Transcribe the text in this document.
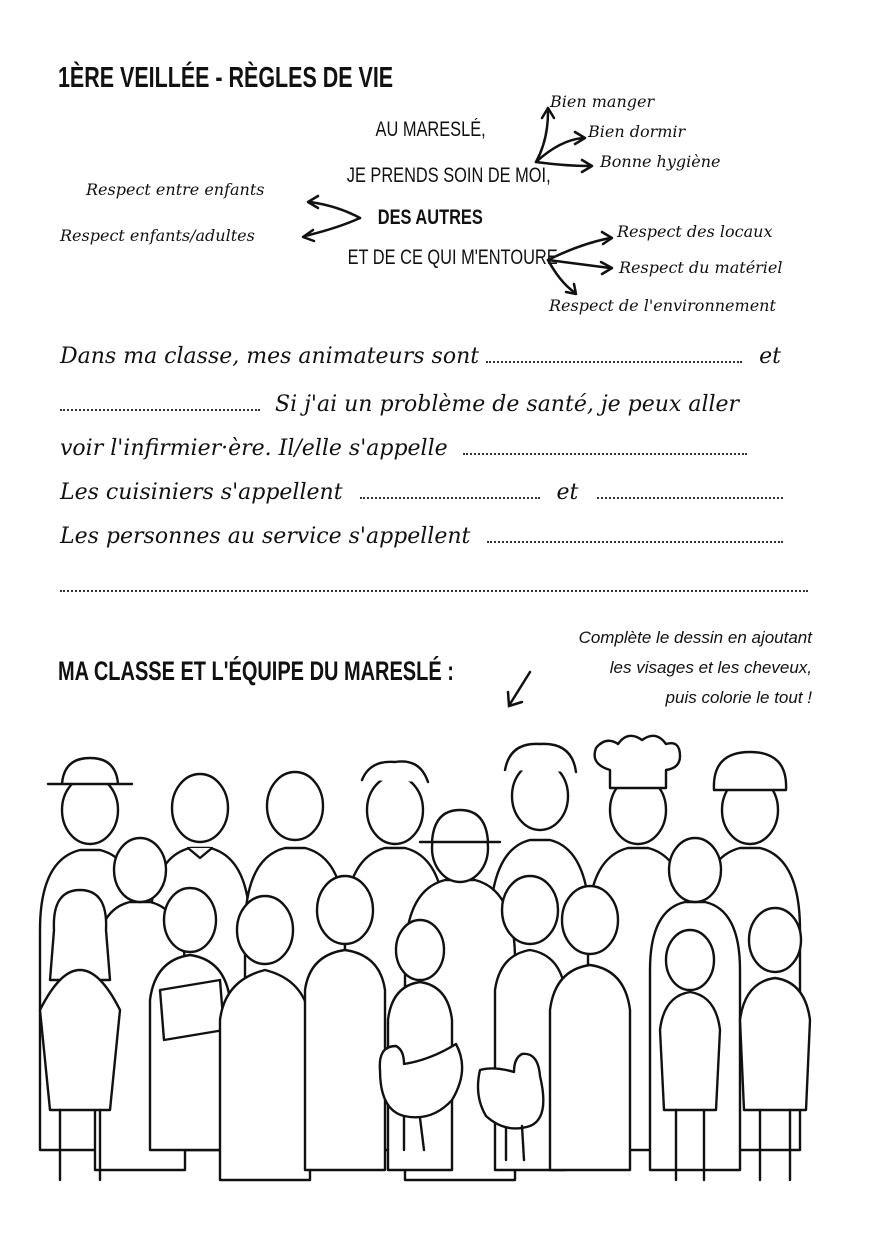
1ÈRE VEILLÉE - RÈGLES DE VIE
AU MARESLÉ,
JE PRENDS SOIN DE MOI,
DES AUTRES
ET DE CE QUI M'ENTOURE
Bien manger
Bien dormir
Bonne hygiène
Respect entre enfants
Respect enfants/adultes	Respect des locaux
Respect du matériel
Respect de l'environnement
Dans ma classe, mes animateurs sont	et
Si j'ai un problème de santé, je peux aller
voir l'infirmier·ère. Il/elle s'appelle
Les cuisiniers s'appellent	et
Les personnes au service s'appellent
MA CLASSE ET L'ÉQUIPE DU MARESLÉ :
Complète le dessin en ajoutant
les visages et les cheveux,
puis colorie le tout !
